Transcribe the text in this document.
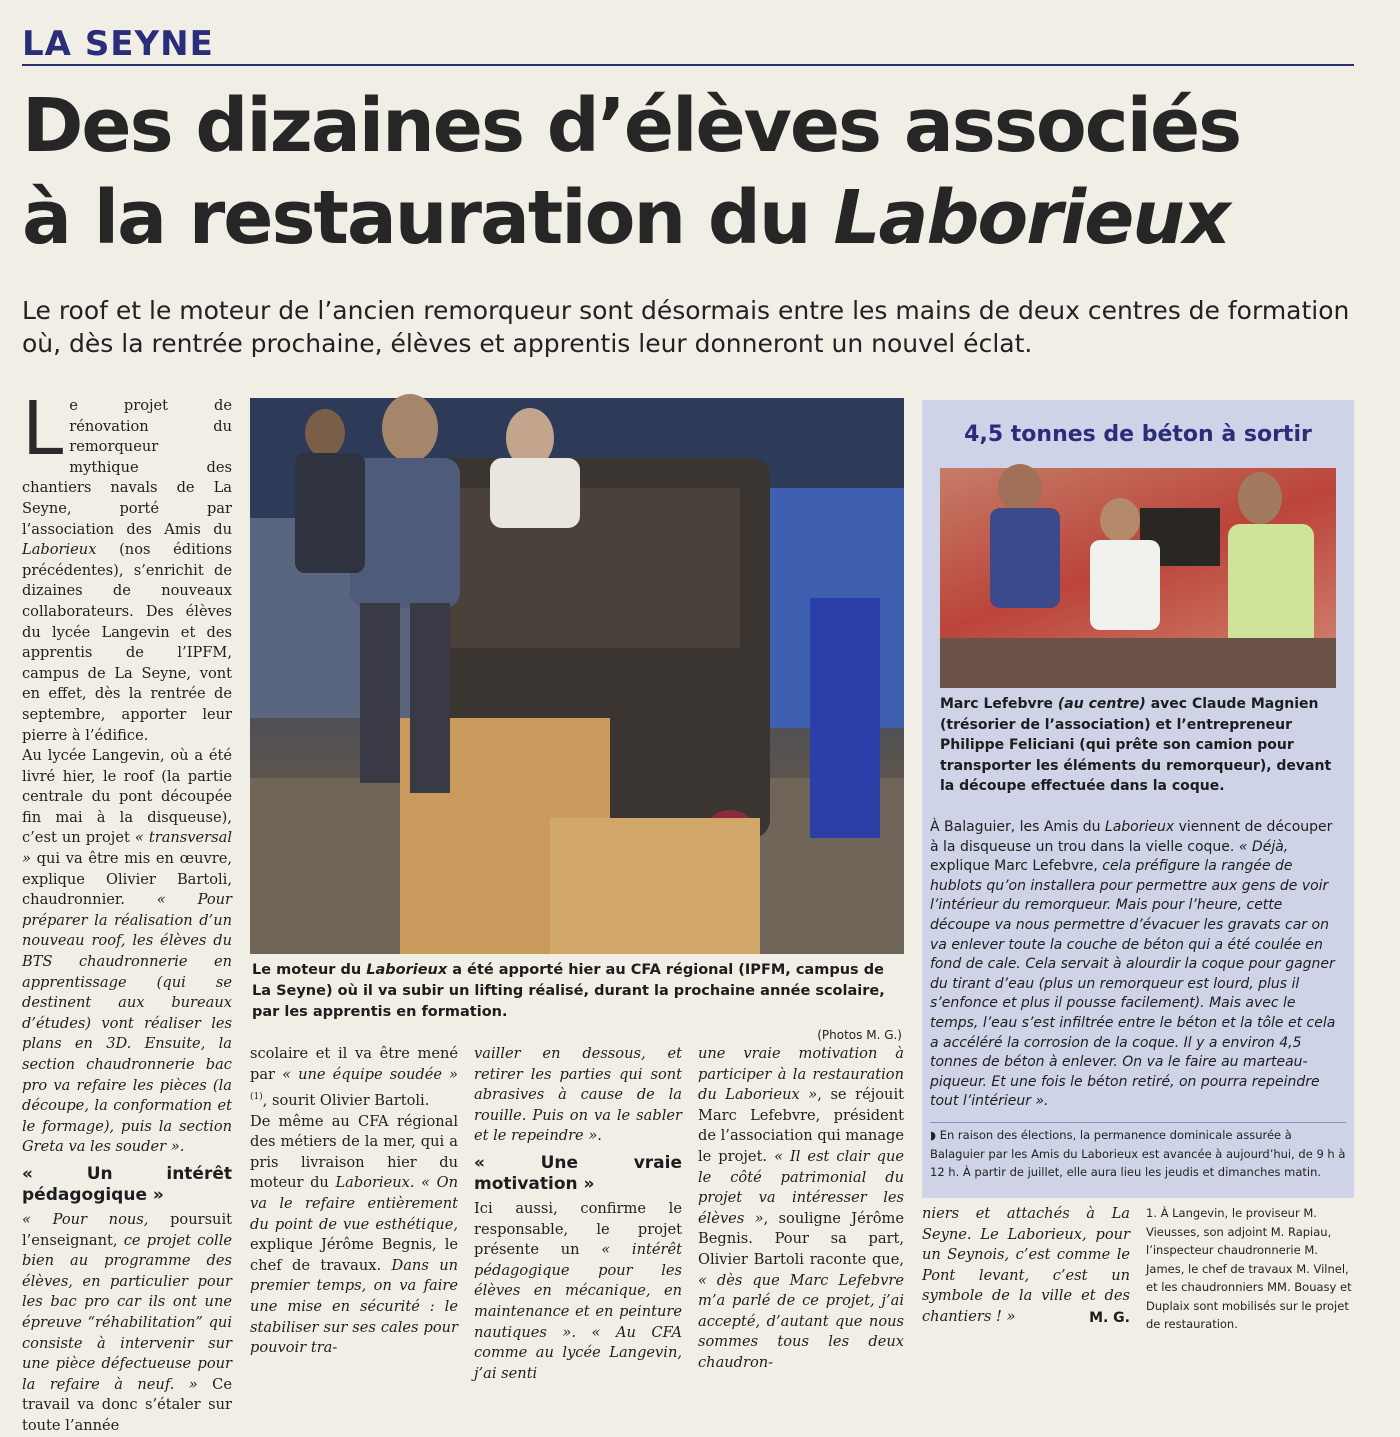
LA SEYNE
Des dizaines d’élèves associés
à la restauration du Laborieux
Le roof et le moteur de l’ancien remorqueur sont désormais entre les mains de deux centres de formation où, dès la rentrée prochaine, élèves et apprentis leur donneront un nouvel éclat.

Le projet de rénovation du remorqueur mythique des chantiers navals de La Seyne, porté par l’association des Amis du Laborieux (nos éditions précédentes), s’enrichit de dizaines de nouveaux collaborateurs. Des élèves du lycée Langevin et des apprentis de l’IPFM, campus de La Seyne, vont en effet, dès la rentrée de septembre, apporter leur pierre à l’édifice.

Au lycée Langevin, où a été livré hier, le roof (la partie centrale du pont découpée fin mai à la disqueuse), c’est un projet « transversal » qui va être mis en œuvre, explique Olivier Bartoli, chaudronnier. « Pour préparer la réalisation d’un nouveau roof, les élèves du BTS chaudronnerie en apprentissage (qui se destinent aux bureaux d’études) vont réaliser les plans en 3D. Ensuite, la section chaudronnerie bac pro va refaire les pièces (la découpe, la conformation et le formage), puis la section Greta va les souder ».

« Un intérêt pédagogique »

« Pour nous, poursuit l’enseignant, ce projet colle bien au programme des élèves, en particulier pour les bac pro car ils ont une épreuve “réhabilitation” qui consiste à intervenir sur une pièce défectueuse pour la refaire à neuf. » Ce travail va donc s’étaler sur toute l’année

Le moteur du Laborieux a été apporté hier au CFA régional (IPFM, campus de La Seyne) où il va subir un lifting réalisé, durant la prochaine année scolaire, par les apprentis en formation.
(Photos M. G.)

scolaire et il va être mené par « une équipe soudée » $^{(1)}$, sourit Olivier Bartoli.

De même au CFA régional des métiers de la mer, qui a pris livraison hier du moteur du Laborieux. « On va le refaire entièrement du point de vue esthétique, explique Jérôme Begnis, le chef de travaux. Dans un premier temps, on va faire une mise en sécurité : le stabiliser sur ses cales pour pouvoir tra-

vailler en dessous, et retirer les parties qui sont abrasives à cause de la rouille. Puis on va le sabler et le repeindre ».

« Une vraie motivation »

Ici aussi, confirme le responsable, le projet présente un « intérêt pédagogique pour les élèves en mécanique, en maintenance et en peinture nautiques ». « Au CFA comme au lycée Langevin, j’ai senti

une vraie motivation à participer à la restauration du Laborieux », se réjouit Marc Lefebvre, président de l’association qui manage le projet. « Il est clair que le côté patrimonial du projet va intéresser les élèves », souligne Jérôme Begnis. Pour sa part, Olivier Bartoli raconte que, « dès que Marc Lefebvre m’a parlé de ce projet, j’ai accepté, d’autant que nous sommes tous les deux chaudron-

4,5 tonnes de béton à sortir
Marc Lefebvre (au centre) avec Claude Magnien (trésorier de l’association) et l’entrepreneur Philippe Feliciani (qui prête son camion pour transporter les éléments du remorqueur), devant la découpe effectuée dans la coque.
À Balaguier, les Amis du Laborieux viennent de découper à la disqueuse un trou dans la vielle coque. « Déjà, explique Marc Lefebvre, cela préfigure la rangée de hublots qu’on installera pour permettre aux gens de voir l’intérieur du remorqueur. Mais pour l’heure, cette découpe va nous permettre d’évacuer les gravats car on va enlever toute la couche de béton qui a été coulée en fond de cale. Cela servait à alourdir la coque pour gagner du tirant d’eau (plus un remorqueur est lourd, plus il s’enfonce et plus il pousse facilement). Mais avec le temps, l’eau s’est infiltrée entre le béton et la tôle et cela a accéléré la corrosion de la coque. Il y a environ 4,5 tonnes de béton à enlever. On va le faire au marteau-piqueur. Et une fois le béton retiré, on pourra repeindre tout l’intérieur ».
◗ En raison des élections, la permanence dominicale assurée à Balaguier par les Amis du Laborieux est avancée à aujourd’hui, de 9 h à 12 h. À partir de juillet, elle aura lieu les jeudis et dimanches matin.

niers et attachés à La Seyne. Le Laborieux, pour un Seynois, c’est comme le Pont levant, c’est un symbole de la ville et des chantiers ! »	M. G.
1. À Langevin, le proviseur M. Vieusses, son adjoint M. Rapiau, l’inspecteur chaudronnerie M. James, le chef de travaux M. Vilnel, et les chaudronniers MM. Bouasy et Duplaix sont mobilisés sur le projet de restauration.
